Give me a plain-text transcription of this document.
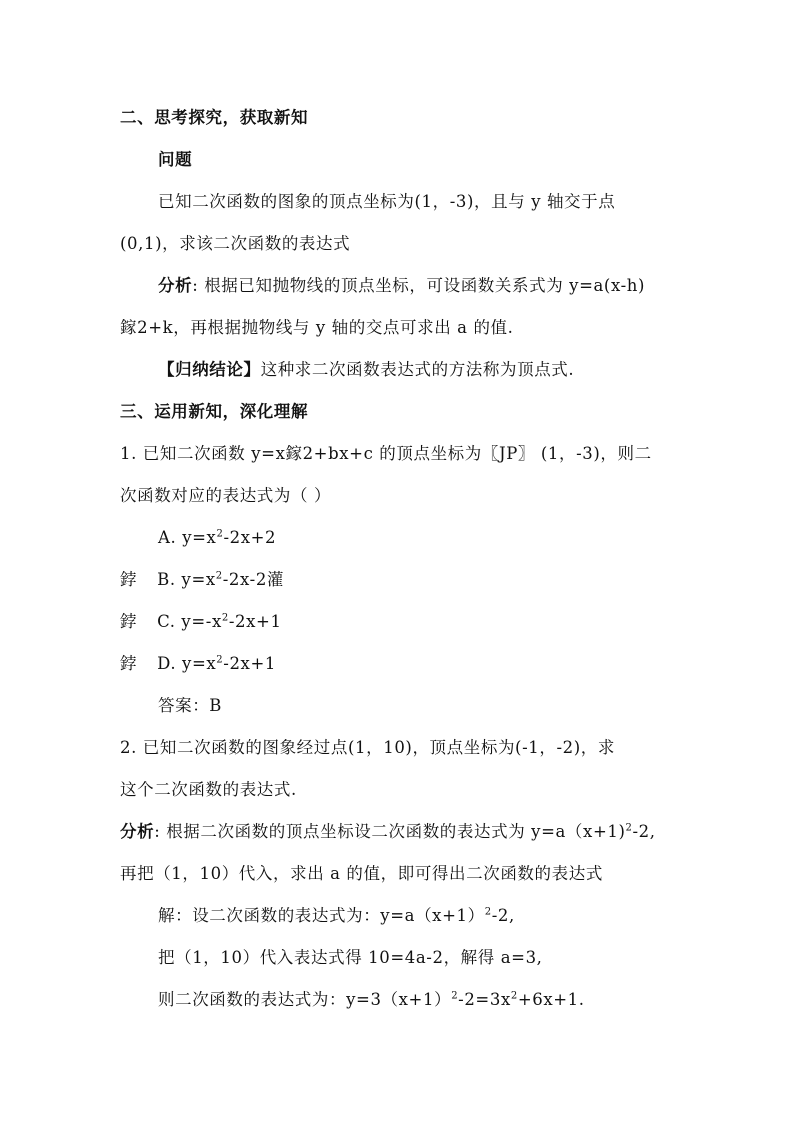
二、思考探究，获取新知
问题
已知二次函数的图象的顶点坐标为(1，-3)，且与 y 轴交于点
(0,1)，求该二次函数的表达式
分析: 根据已知抛物线的顶点坐标，可设函数关系式为 y=a(x-h)
鎵2+k，再根据抛物线与 y 轴的交点可求出 a 的值.
【归纳结论】这种求二次函数表达式的方法称为顶点式.
三、运用新知，深化理解
1. 已知二次函数 y=x鎵2+bx+c 的顶点坐标为〖JP〗 (1，-3)，则二
次函数对应的表达式为（ ）
A. $y=x^2-2x+2$
鋍 B. $y=x^2-2x-2$灌
鋍 C. $y=-x^2-2x+1$
鋍 D. $y=x^2-2x+1$
答案：B
2. 已知二次函数的图象经过点(1，10)，顶点坐标为(-1，-2)，求
这个二次函数的表达式.
分析: 根据二次函数的顶点坐标设二次函数的表达式为 y=a（x+1)$^2$-2,
再把（1，10）代入，求出 a 的值，即可得出二次函数的表达式
解：设二次函数的表达式为：$y=a(x+1)^2-2$,
把（1，10）代入表达式得 10=4a-2，解得 a=3,
则二次函数的表达式为：$y=3(x+1)^2-2=3x^2+6x+1$.
